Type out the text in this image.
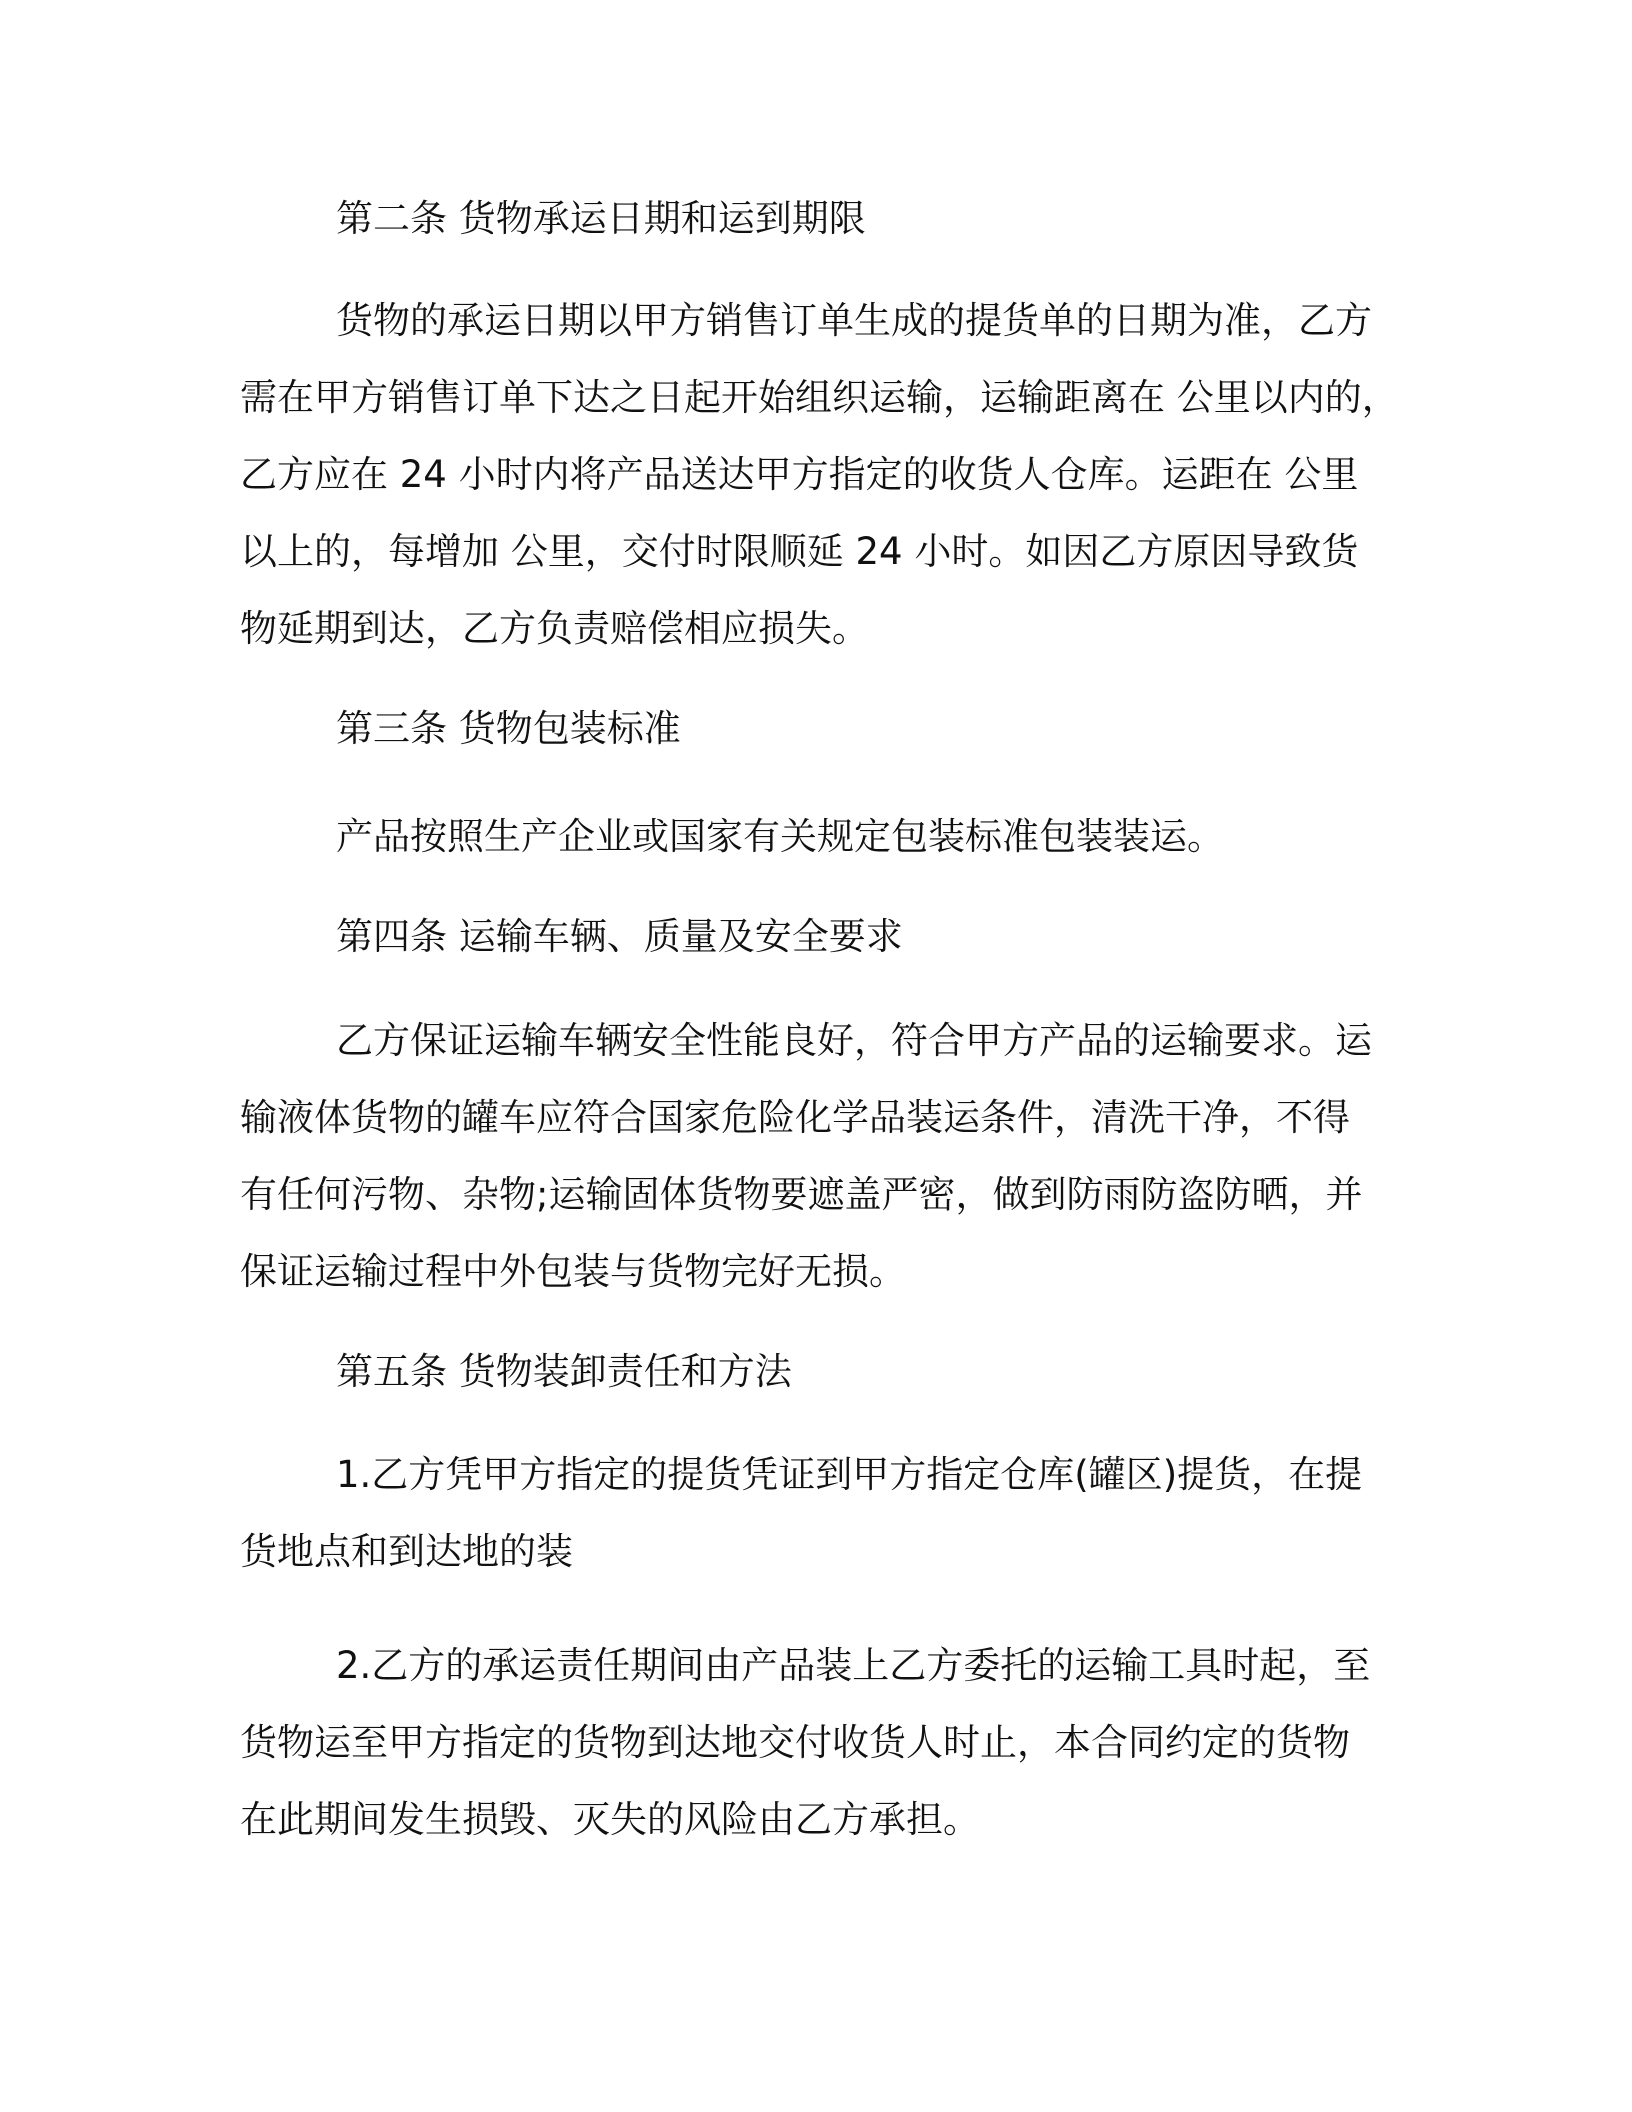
第二条 货物承运日期和运到期限
货物的承运日期以甲方销售订单生成的提货单的日期为准，乙方
需在甲方销售订单下达之日起开始组织运输，运输距离在 公里以内的，
乙方应在 24 小时内将产品送达甲方指定的收货人仓库。运距在 公里
以上的，每增加 公里，交付时限顺延 24 小时。如因乙方原因导致货
物延期到达，乙方负责赔偿相应损失。
第三条 货物包装标准
产品按照生产企业或国家有关规定包装标准包装装运。
第四条 运输车辆、质量及安全要求
乙方保证运输车辆安全性能良好，符合甲方产品的运输要求。运
输液体货物的罐车应符合国家危险化学品装运条件，清洗干净，不得
有任何污物、杂物;运输固体货物要遮盖严密，做到防雨防盗防晒，并
保证运输过程中外包装与货物完好无损。
第五条 货物装卸责任和方法
1.乙方凭甲方指定的提货凭证到甲方指定仓库(罐区)提货，在提
货地点和到达地的装
2.乙方的承运责任期间由产品装上乙方委托的运输工具时起，至
货物运至甲方指定的货物到达地交付收货人时止，本合同约定的货物
在此期间发生损毁、灭失的风险由乙方承担。
